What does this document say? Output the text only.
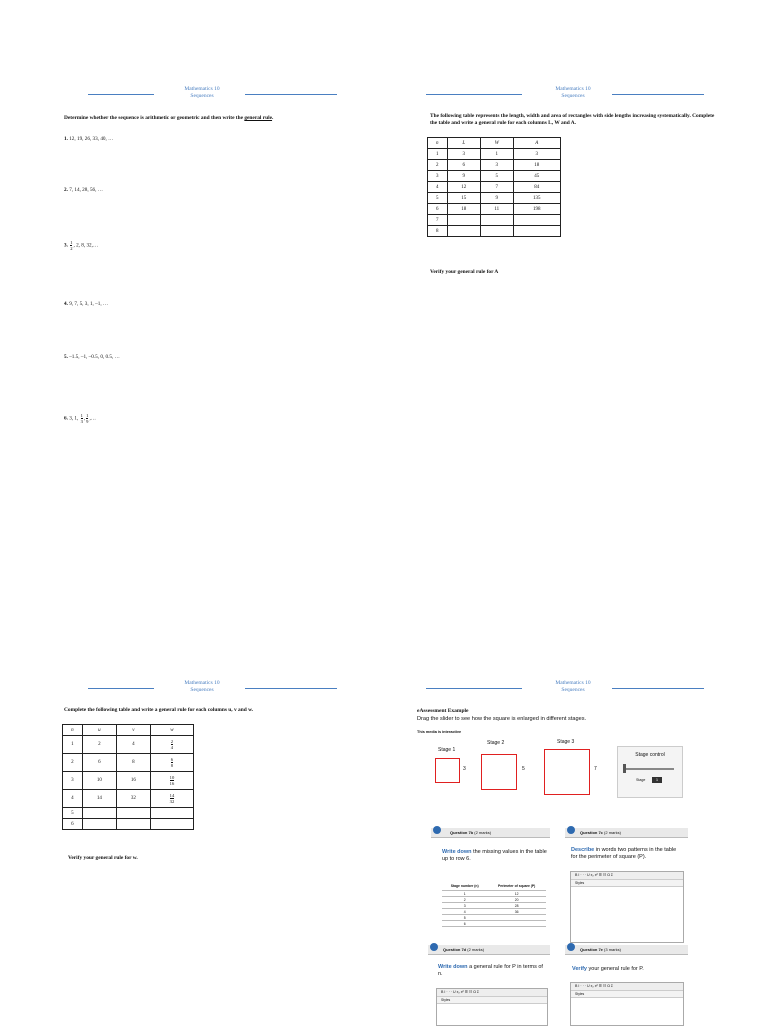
Mathematics 10
Sequences
Determine whether the sequence is arithmetic or geometric and then write the general rule.
1. 12, 19, 26, 33, 40, …
2. 7, 14, 28, 56, …
3. $\frac{1}{2}$ , 2, 8, 32,…
4. 9, 7, 5, 3, 1, –1, …
5. –1.5, –1, –0.5, 0, 0.5, …
6. 3, 1, $\frac{1}{3}$ , $\frac{1}{9}$ ,…
Mathematics 10
Sequences
The following table represents the length, width and area of rectangles with side lengths increasing systematically. Complete the table and write a general rule for each columns L, W and A.
n	L	W	A
1	3	1	3
2	6	3	18
3	9	5	45
4	12	7	84
5	15	9	135
6	18	11	198
7			
8			
Verify your general rule for A
Mathematics 10
Sequences
Complete the following table and write a general rule for each columns u, v and w.
n	u	v	w
1	2	4	$\frac{2}{4}$

2	6	8	$\frac{6}{8}$

3	10	16	$\frac{10}{16}$

4	14	32	$\frac{14}{32}$

5			
6			
Verify your general rule for w.
Mathematics 10
Sequences
eAssessment Example
Drag the slider to see how the square is enlarged in different stages.
This media is interactive
Stage 1
3
Stage 2
5
Stage 3
7
Stage control
Stage	1
Question 7b (2 marks)
Write down the missing values in the table up to row 6.
Stage number (n)	Perimeter of square (P)
1	12
2	20
3	28
4	36
5	
6	
Question 7c (2 marks)
Describe in words two patterns in the table for the perimeter of square (P).
B I · · · U x₂ x² ☰ ☷ Ω Σ
Styles
Question 7d (2 marks)
Write down a general rule for P in terms of n.
B I · · · U x₂ x² ☰ ☷ Ω Σ
Styles
Question 7e (3 marks)
Verify your general rule for P.
B I · · · U x₂ x² ☰ ☷ Ω Σ
Styles
